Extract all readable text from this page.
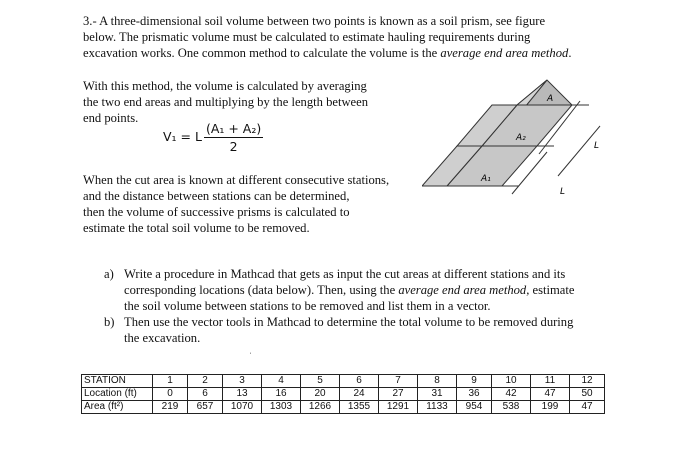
3.- A three-dimensional soil volume between two points is known as a soil prism, see figure
below. The prismatic volume must be calculated to estimate hauling requirements during
excavation works. One common method to calculate the volume is the average end area method.

With this method, the volume is calculated by averaging
the two end areas and multiplying by the length between
end points.

V₁ = L $\frac{\text{(A₁ + A₂)}}{2}$

When the cut area is known at different consecutive stations,
and the distance between stations can be determined,
then the volume of successive prisms is calculated to
estimate the total soil volume to be removed.

A
A₂
A₁
L
L
a) Write a procedure in Mathcad that gets as input the cut areas at different stations and its
corresponding locations (data below). Then, using the average end area method, estimate
the soil volume between stations to be removed and list them in a vector.
b) Then use the vector tools in Mathcad to determine the total volume to be removed during
the excavation.
ˌ
STATION	1	2	3	4	5	6	7	8	9	10	11	12
Location (ft)	0	6	13	16	20	24	27	31	36	42	47	50
Area (ft²)	219	657	1070	1303	1266	1355	1291	1133	954	538	199	47
